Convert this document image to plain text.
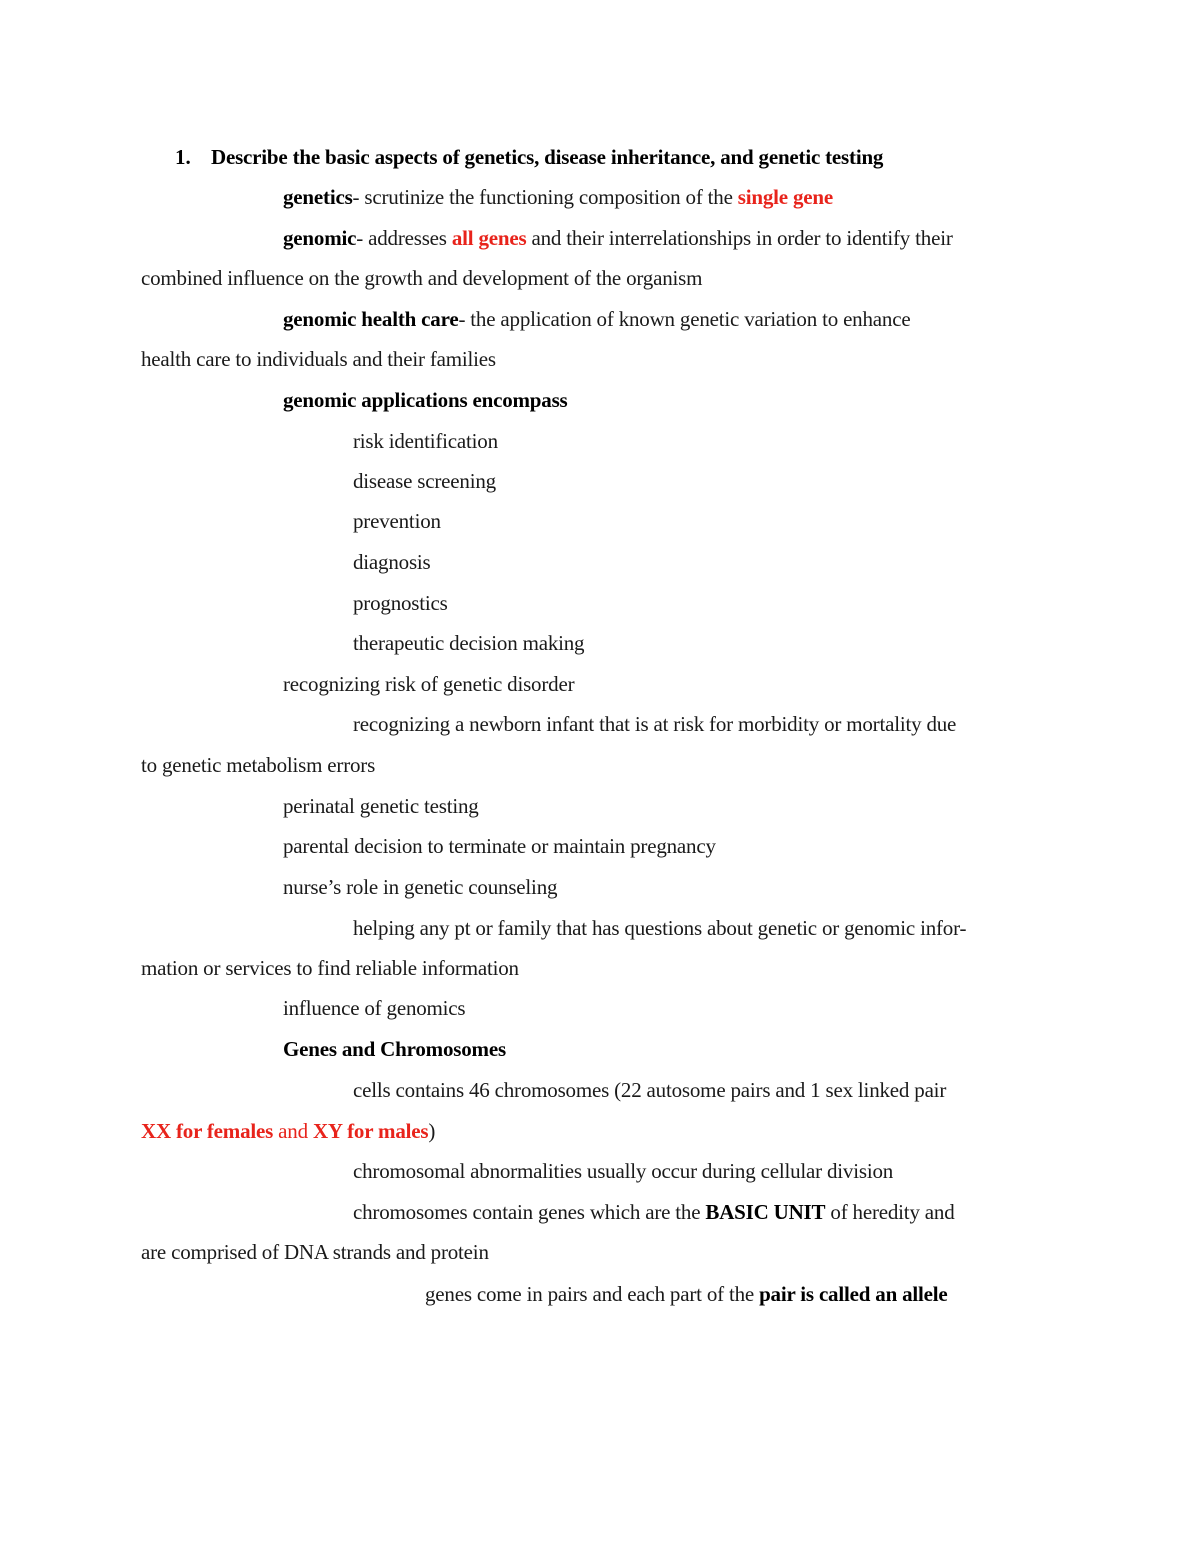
1. Describe the basic aspects of genetics, disease inheritance, and genetic testing
genetics- scrutinize the functioning composition of the single gene
genomic- addresses all genes and their interrelationships in order to identify their
combined influence on the growth and development of the organism
genomic health care- the application of known genetic variation to enhance
health care to individuals and their families
genomic applications encompass
risk identification
disease screening
prevention
diagnosis
prognostics
therapeutic decision making
recognizing risk of genetic disorder
recognizing a newborn infant that is at risk for morbidity or mortality due
to genetic metabolism errors
perinatal genetic testing
parental decision to terminate or maintain pregnancy
nurse’s role in genetic counseling
helping any pt or family that has questions about genetic or genomic infor-
mation or services to find reliable information
influence of genomics
Genes and Chromosomes
cells contains 46 chromosomes (22 autosome pairs and 1 sex linked pair
XX for females and XY for males)
chromosomal abnormalities usually occur during cellular division
chromosomes contain genes which are the BASIC UNIT of heredity and
are comprised of DNA strands and protein
genes come in pairs and each part of the pair is called an allele
